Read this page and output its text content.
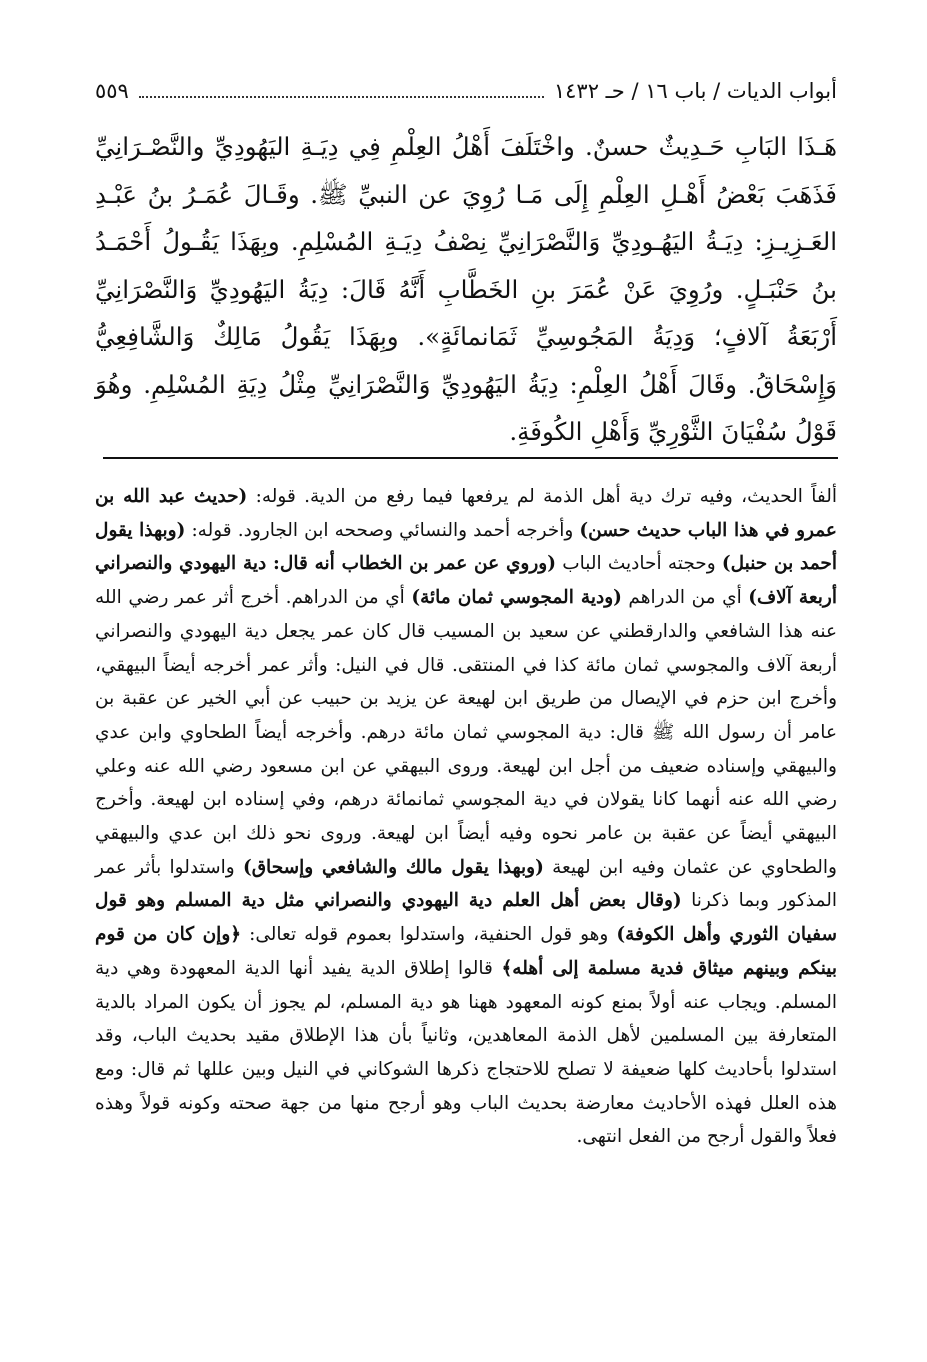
أبواب الديات / باب ١٦ / حـ ١٤٣٢
٥٥٩

هَـذَا البَابِ حَـدِيثٌ حسنٌ. واخْتَلَفَ أَهْلُ العِلْمِ فِي دِيَـةِ اليَهُودِيِّ والنَّصْـرَانِيِّ فَذَهَبَ بَعْضُ أَهْـلِ العِلْمِ إِلَى مَـا رُوِيَ عن النبيِّ ﷺ. وقَـالَ عُمَـرُ بنُ عَبْـدِ العَـزِيـزِ: دِيَـةُ اليَهُـودِيِّ وَالنَّصْرَانِيِّ نِصْفُ دِيَـةِ المُسْلِمِ. وبِهَذَا يَقُـولُ أَحْمَـدُ بنُ حَنْبَـلٍ. ورُوِيَ عَنْ عُمَرَ بنِ الخَطَّابِ أَنَّهُ قَالَ: دِيَةُ اليَهُودِيِّ وَالنَّصْرَانِيِّ أَرْبَعَةُ آلافٍ؛ وَدِيَةُ المَجُوسِيِّ ثَمَانمائَةٍ». وبِهَذَا يَقُولُ مَالِكٌ وَالشَّافِعِيُّ وَإِسْحَاقُ. وقَالَ أَهْلُ العِلْمِ: دِيَةُ اليَهُودِيِّ وَالنَّصْرَانِيِّ مِثْلُ دِيَةِ المُسْلِمِ. وهُوَ قَوْلُ سُفْيَانَ الثَّوْرِيِّ وَأَهْلِ الكُوفَةِ.

ألفاً الحديث، وفيه ترك دية أهل الذمة لم يرفعها فيما رفع من الدية. قوله: (حديث عبد الله بن عمرو في هذا الباب حديث حسن) وأخرجه أحمد والنسائي وصححه ابن الجارود. قوله: (وبهذا يقول أحمد بن حنبل) وحجته أحاديث الباب (وروي عن عمر بن الخطاب أنه قال: دية اليهودي والنصراني أربعة آلاف) أي من الدراهم (ودية المجوسي ثمان مائة) أي من الدراهم. أخرج أثر عمر رضي الله عنه هذا الشافعي والدارقطني عن سعيد بن المسيب قال كان عمر يجعل دية اليهودي والنصراني أربعة آلاف والمجوسي ثمان مائة كذا في المنتقى. قال في النيل: وأثر عمر أخرجه أيضاً البيهقي، وأخرج ابن حزم في الإيصال من طريق ابن لهيعة عن يزيد بن حبيب عن أبي الخير عن عقبة بن عامر أن رسول الله ﷺ قال: دية المجوسي ثمان مائة درهم. وأخرجه أيضاً الطحاوي وابن عدي والبيهقي وإسناده ضعيف من أجل ابن لهيعة. وروى البيهقي عن ابن مسعود رضي الله عنه وعلي رضي الله عنه أنهما كانا يقولان في دية المجوسي ثمانمائة درهم، وفي إسناده ابن لهيعة. وأخرج البيهقي أيضاً عن عقبة بن عامر نحوه وفيه أيضاً ابن لهيعة. وروى نحو ذلك ابن عدي والبيهقي والطحاوي عن عثمان وفيه ابن لهيعة (وبهذا يقول مالك والشافعي وإسحاق) واستدلوا بأثر عمر المذكور وبما ذكرنا (وقال بعض أهل العلم دية اليهودي والنصراني مثل دية المسلم وهو قول سفيان الثوري وأهل الكوفة) وهو قول الحنفية، واستدلوا بعموم قوله تعالى: ﴿وإن كان من قوم بينكم وبينهم ميثاق فدية مسلمة إلى أهله﴾ قالوا إطلاق الدية يفيد أنها الدية المعهودة وهي دية المسلم. ويجاب عنه أولاً بمنع كونه المعهود ههنا هو دية المسلم، لم يجوز أن يكون المراد بالدية المتعارفة بين المسلمين لأهل الذمة المعاهدين، وثانياً بأن هذا الإطلاق مقيد بحديث الباب، وقد استدلوا بأحاديث كلها ضعيفة لا تصلح للاحتجاج ذكرها الشوكاني في النيل وبين عللها ثم قال: ومع هذه العلل فهذه الأحاديث معارضة بحديث الباب وهو أرجح منها من جهة صحته وكونه قولاً وهذه فعلاً والقول أرجح من الفعل انتهى.
